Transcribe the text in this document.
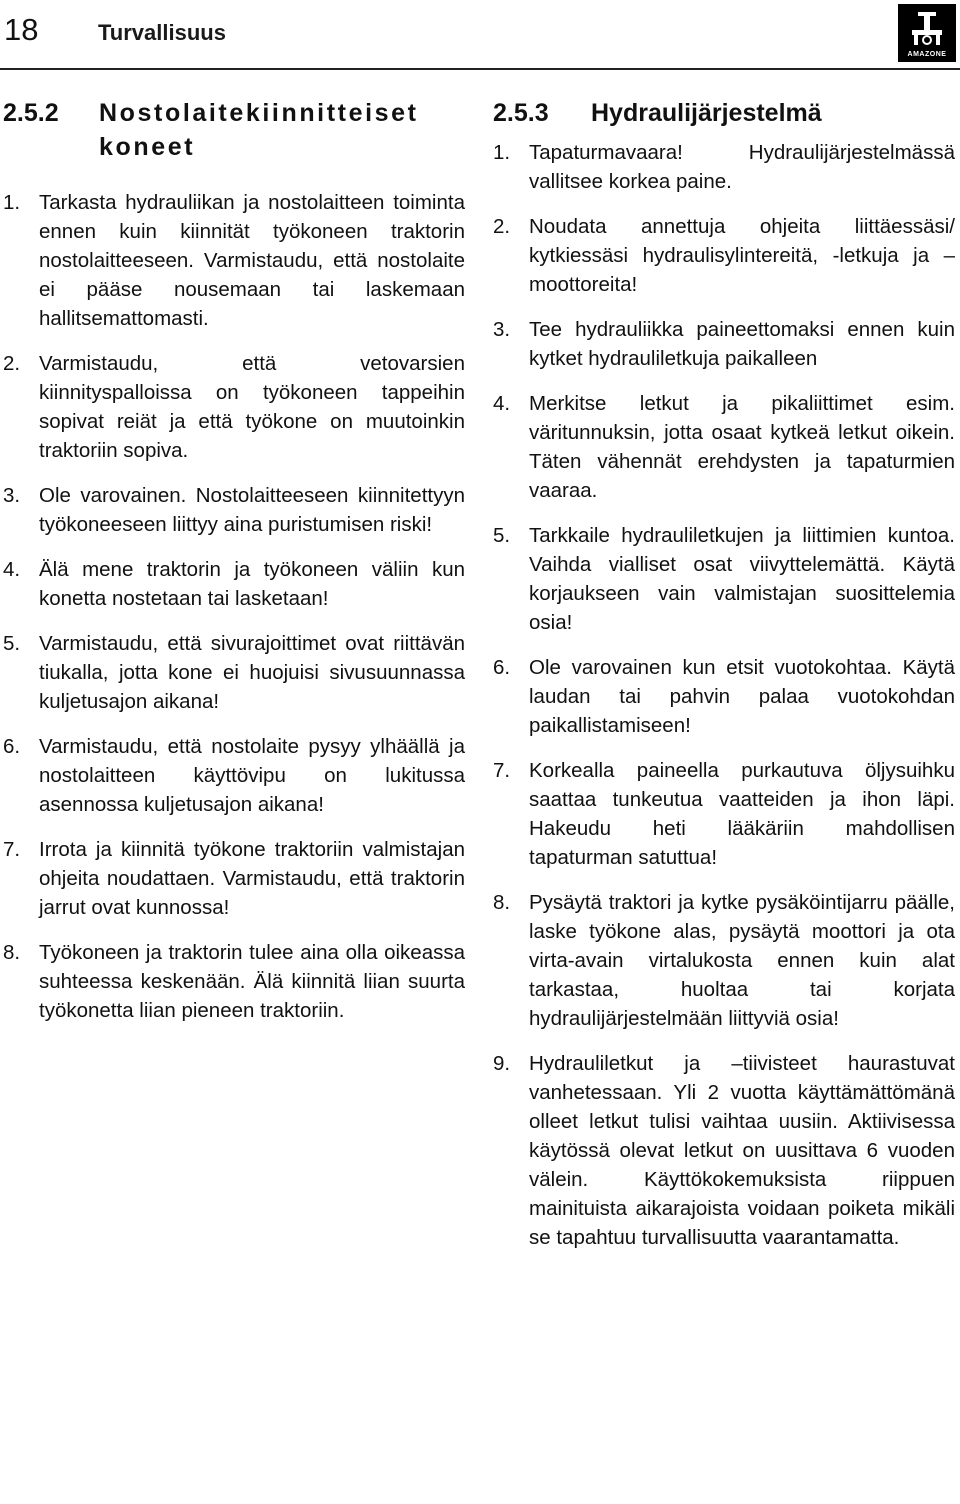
18	Turvallisuus
AMAZONE
2.5.2	Nostolaitekiinnitteiset koneet
1. Tarkasta hydrauliikan ja nostolaitteen toiminta ennen kuin kiinnität työkoneen traktorin nostolaitteeseen. Varmistaudu, että nostolaite ei pääse nousemaan tai laskemaan hallitsemattomasti.
2. Varmistaudu, että vetovarsien kiinnityspalloissa on työkoneen tappeihin sopivat reiät ja että työkone on muutoinkin traktoriin sopiva.
3. Ole varovainen. Nostolaitteeseen kiinnitettyyn työkoneeseen liittyy aina puristumisen riski!
4. Älä mene traktorin ja työkoneen väliin kun konetta nostetaan tai lasketaan!
5. Varmistaudu, että sivurajoittimet ovat riittävän tiukalla, jotta kone ei huojuisi sivusuunnassa kuljetusajon aikana!
6. Varmistaudu, että nostolaite pysyy ylhäällä ja nostolaitteen käyttövipu on lukitussa asennossa kuljetusajon aikana!
7. Irrota ja kiinnitä työkone traktoriin valmistajan ohjeita noudattaen. Varmistaudu, että traktorin jarrut ovat kunnossa!
8. Työkoneen ja traktorin tulee aina olla oikeassa suhteessa keskenään. Älä kiinnitä liian suurta työkonetta liian pieneen traktoriin.
2.5.3	Hydraulijärjestelmä
1. Tapaturmavaara! Hydraulijärjestelmässä vallitsee korkea paine.
2. Noudata annettuja ohjeita liittäessäsi/ kytkiessäsi hydraulisylintereitä, -letkuja ja –moottoreita!
3. Tee hydrauliikka paineettomaksi ennen kuin kytket hydrauliletkuja paikalleen
4. Merkitse letkut ja pikaliittimet esim. väritunnuksin, jotta osaat kytkeä letkut oikein. Täten vähennät erehdysten ja tapaturmien vaaraa.
5. Tarkkaile hydrauliletkujen ja liittimien kuntoa. Vaihda vialliset osat viivyttelemättä. Käytä korjaukseen vain valmistajan suosittelemia osia!
6. Ole varovainen kun etsit vuotokohtaa. Käytä laudan tai pahvin palaa vuotokohdan paikallistamiseen!
7. Korkealla paineella purkautuva öljysuihku saattaa tunkeutua vaatteiden ja ihon läpi. Hakeudu heti lääkäriin mahdollisen tapaturman satuttua!
8. Pysäytä traktori ja kytke pysäköintijarru päälle, laske työkone alas, pysäytä moottori ja ota virta-avain virtalukosta ennen kuin alat tarkastaa, huoltaa tai korjata hydraulijärjestelmään liittyviä osia!
9. Hydrauliletkut ja –tiivisteet haurastuvat vanhetessaan. Yli 2 vuotta käyttämättömänä olleet letkut tulisi vaihtaa uusiin. Aktiivisessa käytössä olevat letkut on uusittava 6 vuoden välein. Käyttökokemuksista riippuen mainituista aikarajoista voidaan poiketa mikäli se tapahtuu turvallisuutta vaarantamatta.
